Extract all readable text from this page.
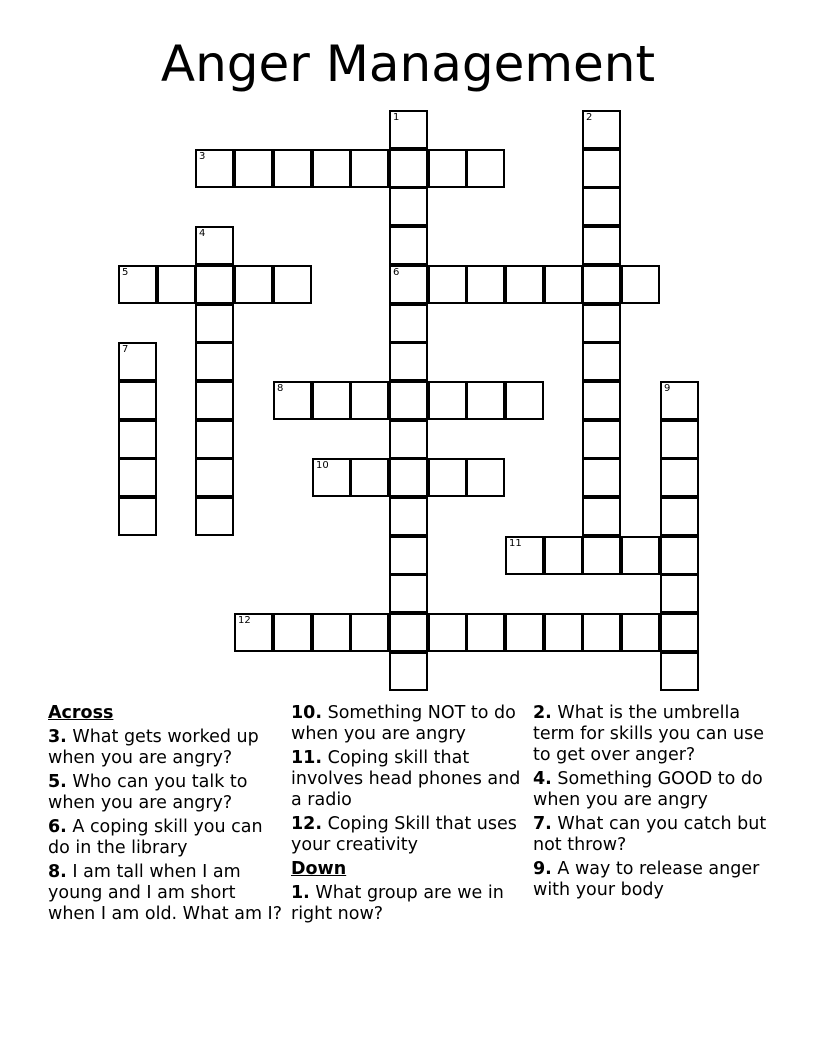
Anger Management
1	2
3
4
5	6
7
8	9
10
11
12
Across
3. What gets worked up when you are angry?
5. Who can you talk to when you are angry?
6. A coping skill you can do in the library
8. I am tall when I am young and I am short when I am old. What am I?
10. Something NOT to do when you are angry
11. Coping skill that involves head phones and a radio
12. Coping Skill that uses your creativity
Down
1. What group are we in right now?
2. What is the umbrella term for skills you can use to get over anger?
4. Something GOOD to do when you are angry
7. What can you catch but not throw?
9. A way to release anger with your body
